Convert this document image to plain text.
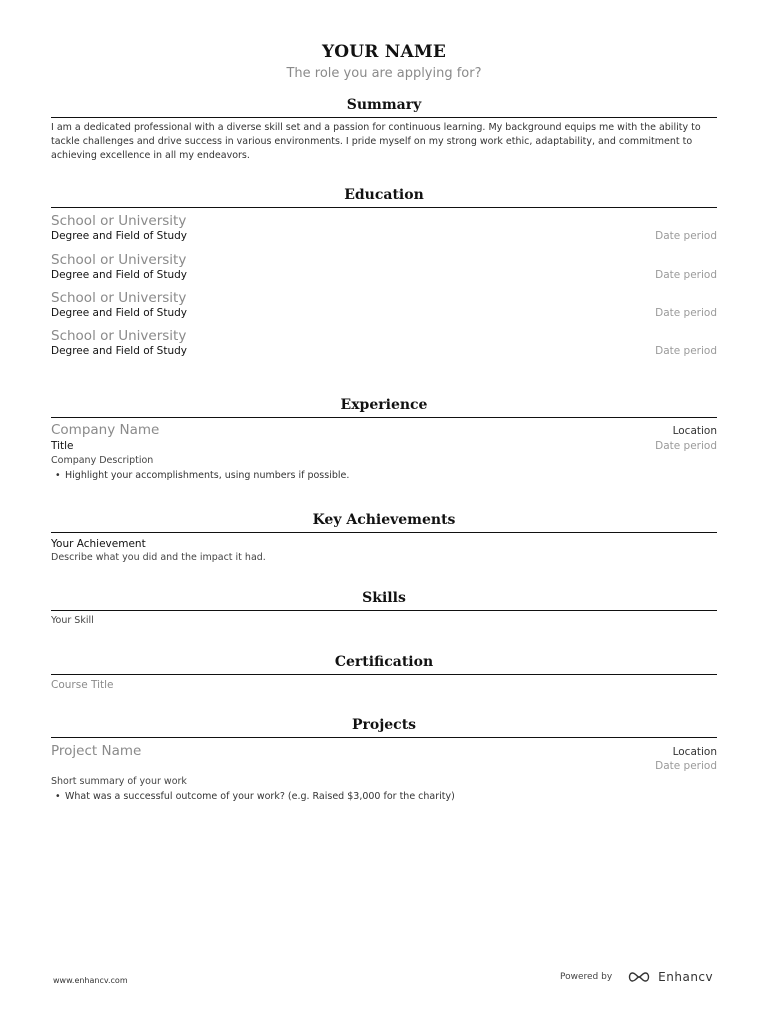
YOUR NAME
The role you are applying for?
Summary
I am a dedicated professional with a diverse skill set and a passion for continuous learning. My background equips me with the ability to tackle challenges and drive success in various environments. I pride myself on my strong work ethic, adaptability, and commitment to achieving excellence in all my endeavors.
Education
School or University
Degree and Field of Study	Date period
School or University
Degree and Field of Study	Date period
School or University
Degree and Field of Study	Date period
School or University
Degree and Field of Study	Date period
Experience
Company Name	Location
Title	Date period
Company Description
• Highlight your accomplishments, using numbers if possible.
Key Achievements
Your Achievement
Describe what you did and the impact it had.
Skills
Your Skill
Certification
Course Title
Projects
Project Name	Location
Date period
Short summary of your work
• What was a successful outcome of your work? (e.g. Raised $3,000 for the charity)
www.enhancv.com	Powered by	Enhancv
